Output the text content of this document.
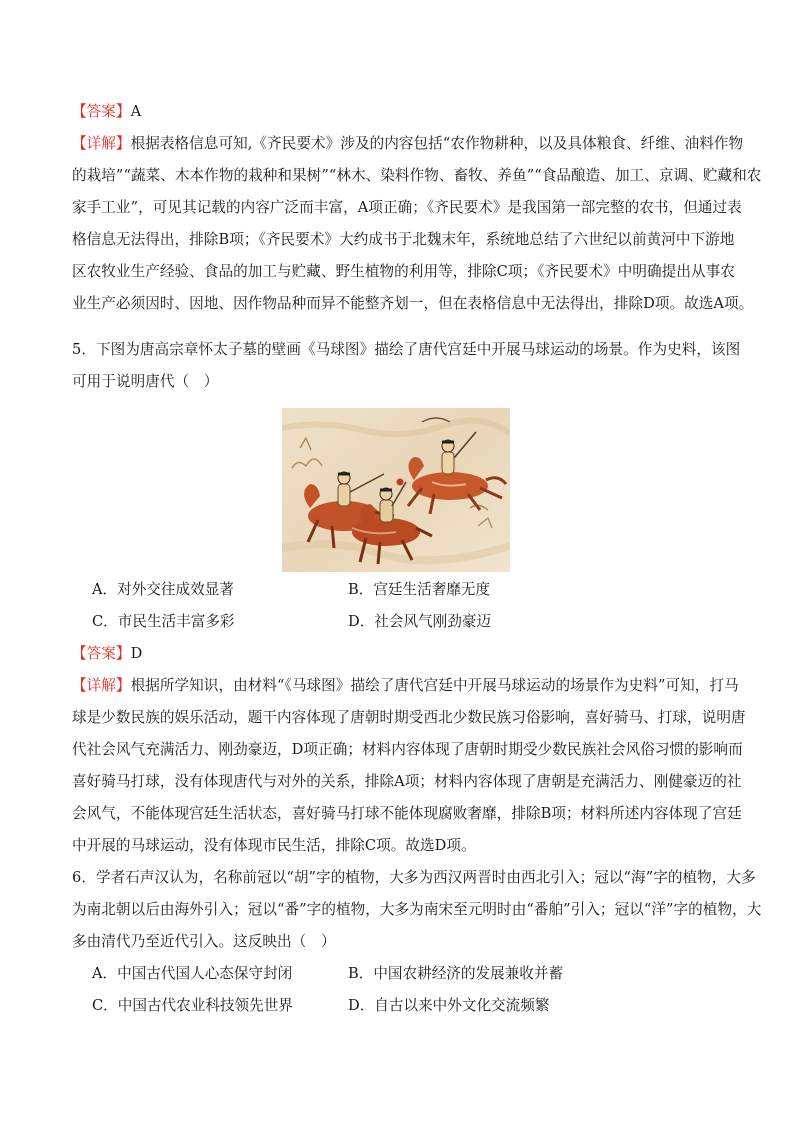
【答案】A
【详解】根据表格信息可知,《齐民要术》涉及的内容包括“农作物耕种，以及具体粮食、纤维、油料作物
的栽培”“蔬菜、木本作物的栽种和果树”“林木、染料作物、畜牧、养鱼”“食品酿造、加工、京调、贮藏和农
家手工业”，可见其记载的内容广泛而丰富，A项正确；《齐民要术》是我国第一部完整的农书，但通过表
格信息无法得出，排除B项；《齐民要术》大约成书于北魏末年，系统地总结了六世纪以前黄河中下游地
区农牧业生产经验、食品的加工与贮藏、野生植物的利用等，排除C项；《齐民要术》中明确提出从事农
业生产必须因时、因地、因作物品种而异不能整齐划一，但在表格信息中无法得出，排除D项。故选A项。
5．下图为唐高宗章怀太子墓的壁画《马球图》描绘了唐代宫廷中开展马球运动的场景。作为史料，该图
可用于说明唐代（　）
A．对外交往成效显著	B．宫廷生活奢靡无度
C．市民生活丰富多彩	D．社会风气刚劲豪迈
【答案】D
【详解】根据所学知识，由材料“《马球图》描绘了唐代宫廷中开展马球运动的场景作为史料”可知，打马
球是少数民族的娱乐活动，题干内容体现了唐朝时期受西北少数民族习俗影响，喜好骑马、打球，说明唐
代社会风气充满活力、刚劲豪迈，D项正确；材料内容体现了唐朝时期受少数民族社会风俗习惯的影响而
喜好骑马打球，没有体现唐代与对外的关系，排除A项；材料内容体现了唐朝是充满活力、刚健豪迈的社
会风气，不能体现宫廷生活状态，喜好骑马打球不能体现腐败奢靡，排除B项；材料所述内容体现了宫廷
中开展的马球运动，没有体现市民生活，排除C项。故选D项。
6．学者石声汉认为，名称前冠以“胡”字的植物，大多为西汉两晋时由西北引入；冠以“海”字的植物，大多
为南北朝以后由海外引入；冠以“番”字的植物，大多为南宋至元明时由“番舶”引入；冠以“洋”字的植物，大
多由清代乃至近代引入。这反映出（　）
A．中国古代国人心态保守封闭	B．中国农耕经济的发展兼收并蓄
C．中国古代农业科技领先世界	D．自古以来中外文化交流频繁
